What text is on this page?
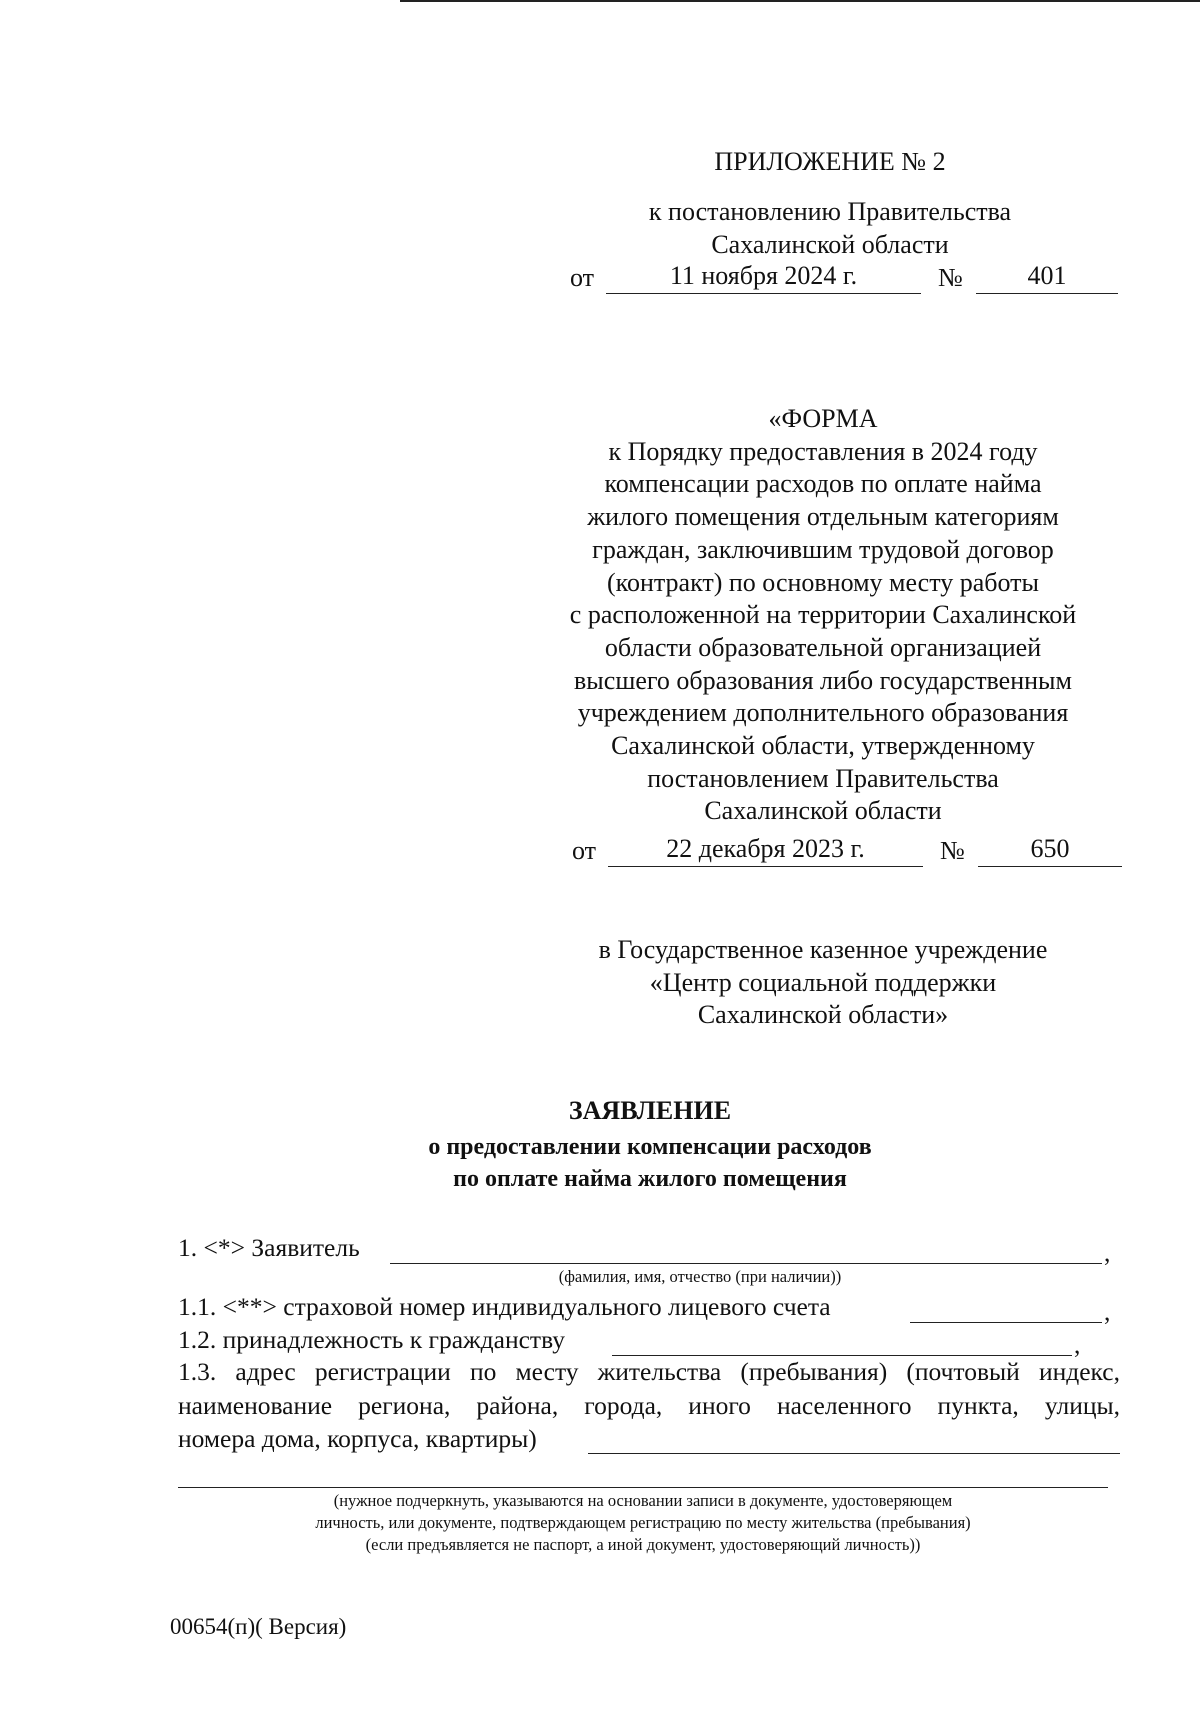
ПРИЛОЖЕНИЕ № 2
к постановлению Правительства
Сахалинской области
от	11 ноября 2024 г.	№	401
«ФОРМА
к Порядку предоставления в 2024 году
компенсации расходов по оплате найма
жилого помещения отдельным категориям
граждан, заключившим трудовой договор
(контракт) по основному месту работы
с расположенной на территории Сахалинской
области образовательной организацией
высшего образования либо государственным
учреждением дополнительного образования
Сахалинской области, утвержденному
постановлением Правительства
Сахалинской области
от	22 декабря 2023 г.	№	650
в Государственное казенное учреждение
«Центр социальной поддержки
Сахалинской области»
ЗАЯВЛЕНИЕ
о предоставлении компенсации расходов
по оплате найма жилого помещения
1. <*> Заявитель	,
(фамилия, имя, отчество (при наличии))
1.1. <**> страховой номер индивидуального лицевого счета	,
1.2. принадлежность к гражданству	,
1.3. адрес регистрации по месту жительства (пребывания) (почтовый индекс,
наименование региона, района, города, иного населенного пункта, улицы,
номера дома, корпуса, квартиры)
(нужное подчеркнуть, указываются на основании записи в документе, удостоверяющем
личность, или документе, подтверждающем регистрацию по месту жительства (пребывания)
(если предъявляется не паспорт, а иной документ, удостоверяющий личность))
00654(п)( Версия)
